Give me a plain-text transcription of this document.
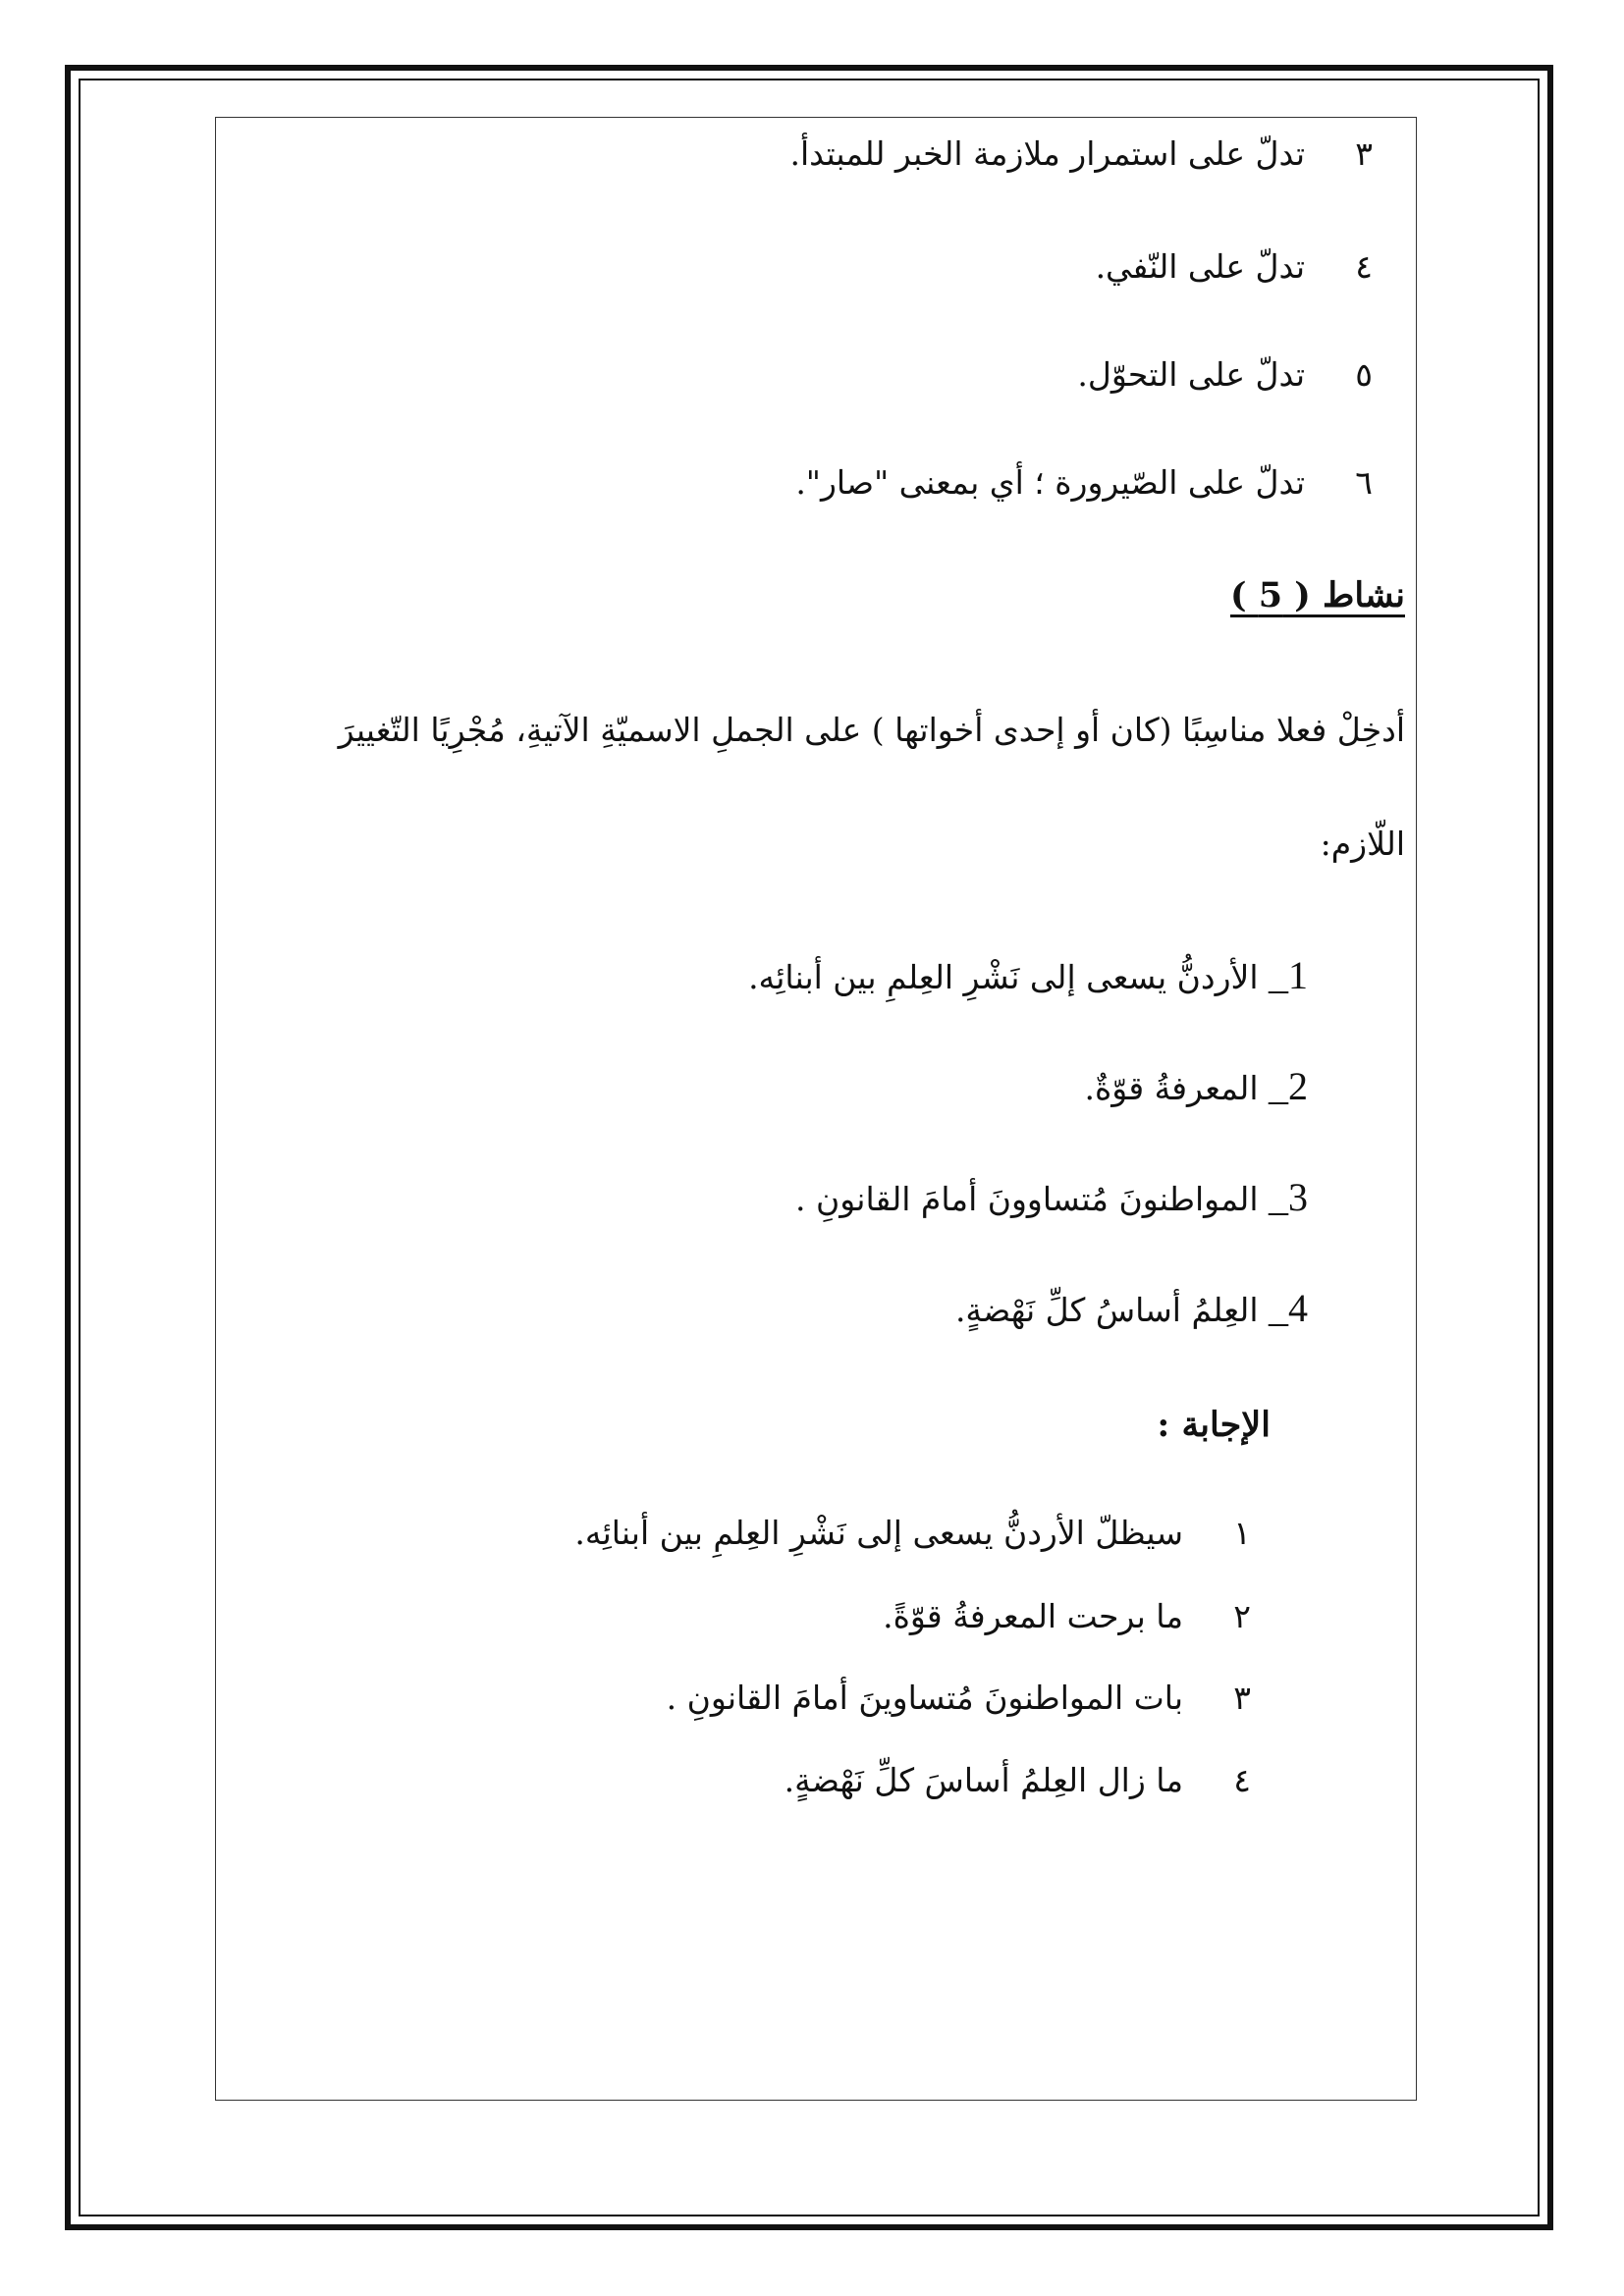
٣  تدلّ على استمرار ملازمة الخبر للمبتدأ.
٤  تدلّ على النّفي.
٥  تدلّ على التحوّل.
٦  تدلّ على الصّيرورة ؛ أي بمعنى "صار".
نشاط ( 5 )
أدخِلْ فعلا مناسِبًا (كان أو إحدى أخواتها ) على الجملِ الاسميّةِ الآتيةِ، مُجْرِيًا التّغييرَ
اللّازم:
1_ الأردنُّ يسعى إلى نَشْرِ العِلمِ بين أبنائِه.
2_ المعرفةُ قوّةٌ.
3_ المواطنونَ مُتساوونَ أمامَ القانونِ .
4_ العِلمُ أساسُ كلِّ نَهْضةٍ.
الإجابة :
١  سيظلّ الأردنُّ يسعى إلى نَشْرِ العِلمِ بين أبنائِه.
٢  ما برحت المعرفةُ قوّةً.
٣  بات المواطنونَ مُتساوينَ أمامَ القانونِ .
٤  ما زال العِلمُ أساسَ كلِّ نَهْضةٍ.
